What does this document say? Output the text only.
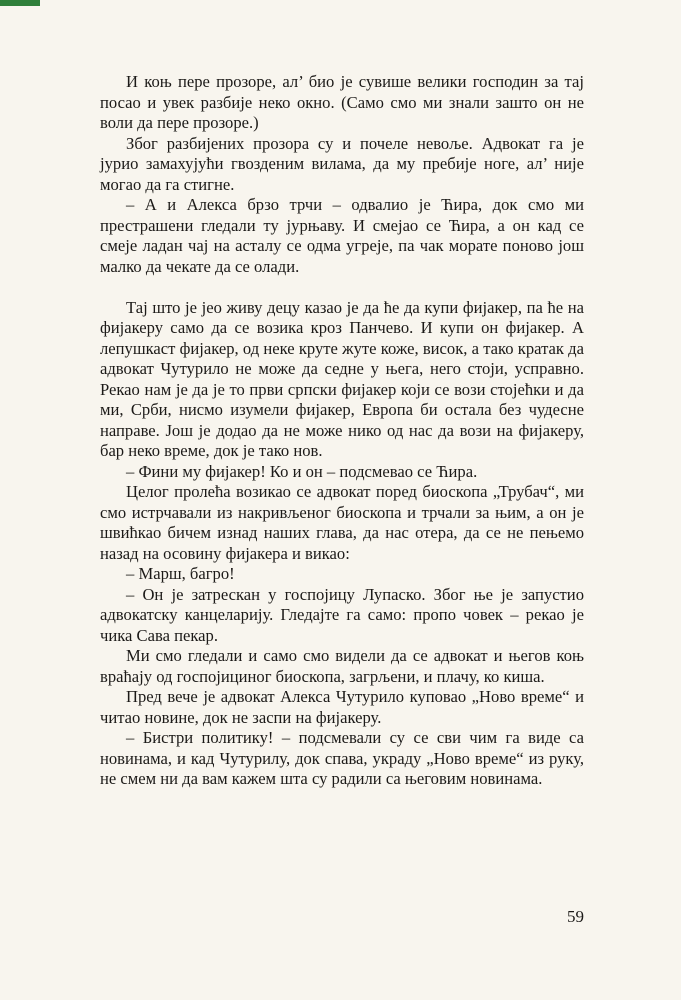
И коњ пере прозоре, ал’ био је сувише велики господин за тај посао и увек разбије неко окно. (Само смо ми знали зашто он не воли да пере прозоре.)

Због разбијених прозора су и почеле невоље. Адвокат га је јурио замахујући гвозденим вилама, да му пребије ноге, ал’ није могао да га стигне.

– А и Алекса брзо трчи – одвалио је Ћира, док смо ми престрашени гледали ту јурњаву. И смејао се Ћира, а он кад се смеје ладан чај на асталу се одма угреје, па чак морате поново још малко да чекате да се олади.

Тај што је јео живу децу казао је да ће да купи фијакер, па ће на фијакеру само да се возика кроз Панчево. И купи он фијакер. А лепушкаст фијакер, од неке круте жуте коже, висок, а тако кратак да адвокат Чутурило не може да седне у њега, него стоји, усправно. Рекао нам је да је то први српски фијакер који се вози стојећки и да ми, Срби, нисмо изумели фијакер, Европа би остала без чудесне направе. Још је додао да не може нико од нас да вози на фијакеру, бар неко време, док је тако нов.

– Фини му фијакер! Ко и он – подсмевао се Ћира.

Целог пролећа возикао се адвокат поред биоскопа „Трубач“, ми смо истрчавали из накривљеног биоскопа и трчали за њим, а он је швићкао бичем изнад наших глава, да нас отера, да се не пењемо назад на осовину фијакера и викао:

– Марш, багро!

– Он је затрескан у госпојицу Лупаско. Због ње је запустио адвокатску канцеларију. Гледајте га само: пропо човек – рекао је чика Сава пекар.

Ми смо гледали и само смо видели да се адвокат и његов коњ враћају од госпојициног биоскопа, загрљени, и плачу, ко киша.

Пред вече је адвокат Алекса Чутурило куповао „Ново време“ и читао новине, док не заспи на фијакеру.

– Бистри политику! – подсмевали су се сви чим га виде са новинама, и кад Чутурилу, док спава, украду „Ново време“ из руку, не смем ни да вам кажем шта су радили са његовим новинама.

59
